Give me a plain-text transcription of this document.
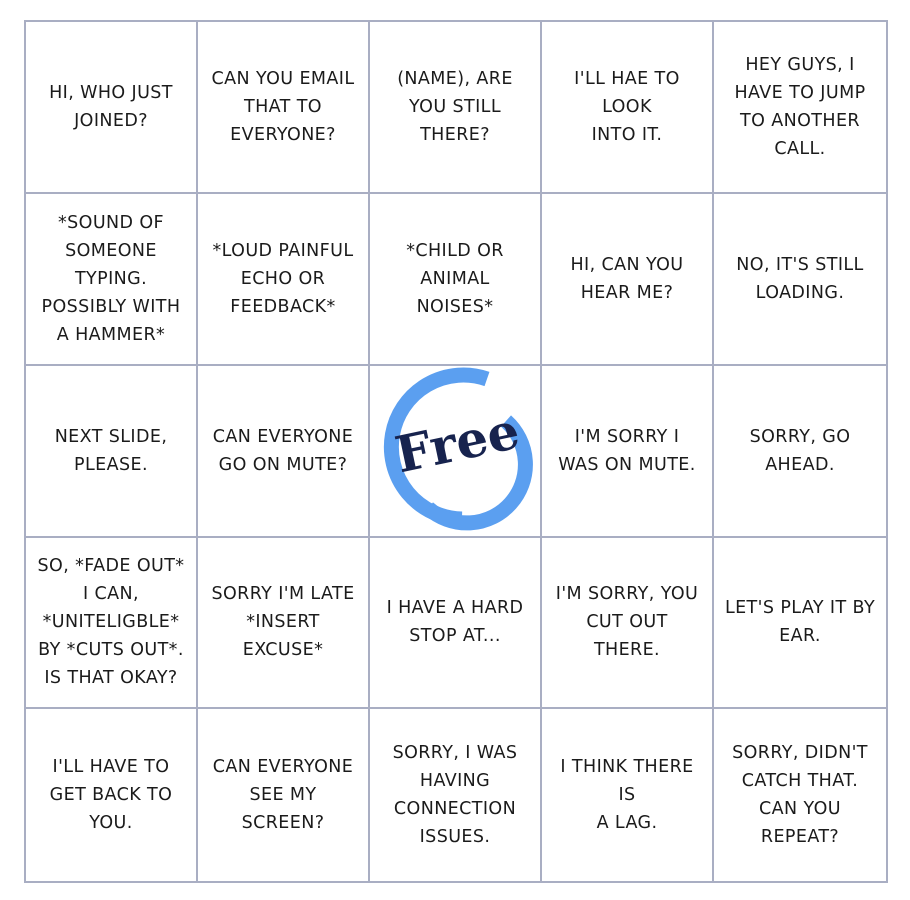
HI, WHO JUST
JOINED?
CAN YOU EMAIL
THAT TO
EVERYONE?
(NAME), ARE
YOU STILL
THERE?
I'LL HAE TO LOOK
INTO IT.
HEY GUYS, I
HAVE TO JUMP
TO ANOTHER
CALL.
*SOUND OF
SOMEONE
TYPING.
POSSIBLY WITH
A HAMMER*
*LOUD PAINFUL
ECHO OR
FEEDBACK*
*CHILD OR
ANIMAL
NOISES*
HI, CAN YOU
HEAR ME?
NO, IT'S STILL
LOADING.
NEXT SLIDE,
PLEASE.
CAN EVERYONE
GO ON MUTE? Free	I'M SORRY I
WAS ON MUTE.
SORRY, GO
AHEAD.
SO, *FADE OUT*
I CAN,
*UNITELIGBLE*
BY *CUTS OUT*.
IS THAT OKAY?
SORRY I'M LATE
*INSERT
EXCUSE*
I HAVE A HARD
STOP AT...
I'M SORRY, YOU
CUT OUT
THERE.
LET'S PLAY IT BY
EAR.
I'LL HAVE TO
GET BACK TO
YOU.
CAN EVERYONE
SEE MY
SCREEN?
SORRY, I WAS
HAVING
CONNECTION
ISSUES.
I THINK THERE IS
A LAG.
SORRY, DIDN'T
CATCH THAT.
CAN YOU
REPEAT?
